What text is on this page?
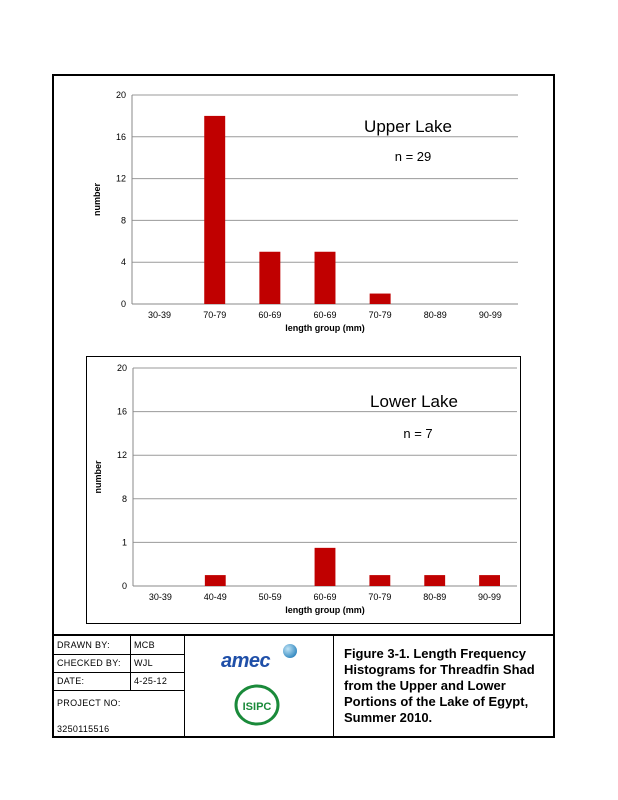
0
4
8
12
16
20
30-39	70-79	60-69	60-69	70-79	80-89	90-99
length group (mm)
number
Upper Lake
n = 29
0
1
8
12
16
20
30-39	40-49	50-59	60-69	70-79	80-89	90-99
length group (mm)
number
Lower Lake
n = 7
DRAWN BY:	MCB
CHECKED BY: WJL
DATE:	4-25-12
PROJECT NO:
3250115516
amec
ISIPC
Figure 3-1. Length Frequency Histograms for Threadfin Shad from the Upper and Lower Portions of the Lake of Egypt, Summer 2010.
